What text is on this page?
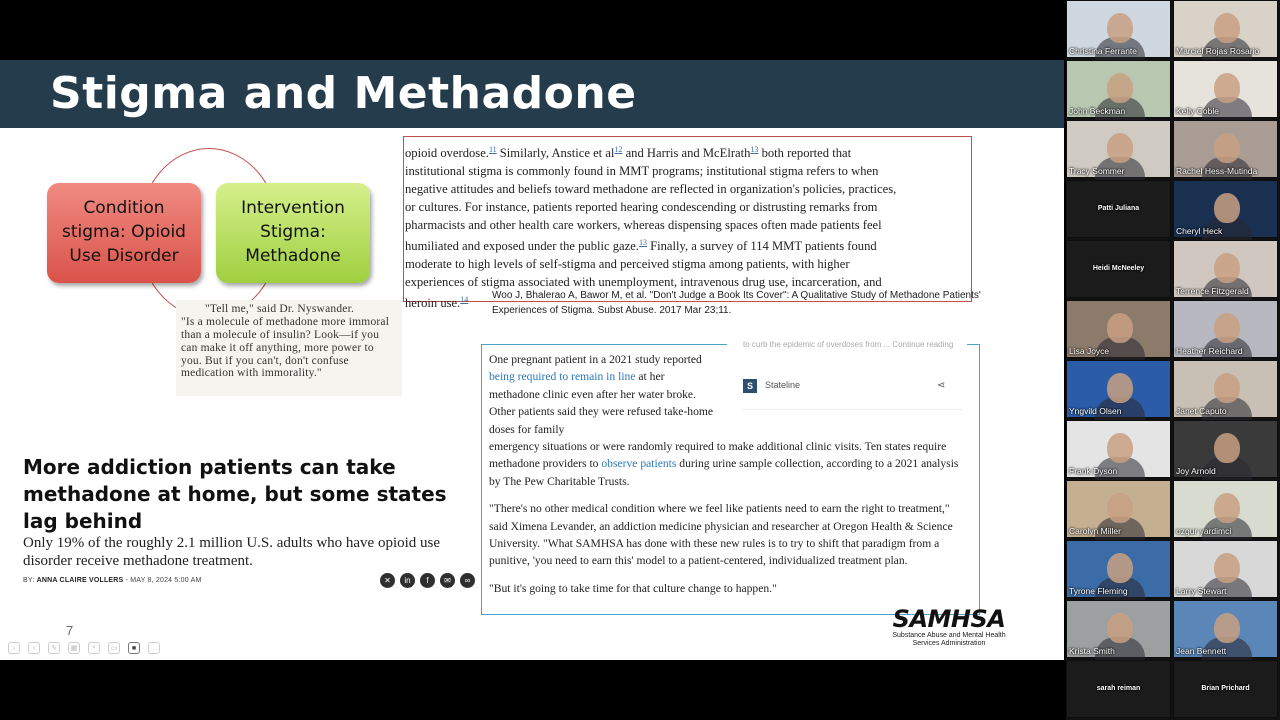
Stigma and Methadone
Condition stigma: Opioid Use Disorder
Intervention Stigma: Methadone

"Tell me," said Dr. Nyswander.

"Is a molecule of methadone more immoral than a molecule of insulin? Look—if you can make it off anything, more power to you. But if you can't, don't confuse medication with immorality."
opioid overdose.$^{11}$ Similarly, Anstice et $al^{12}$ and Harris and McElrath$^{13}$ both reported that
institutional stigma is commonly found in MMT programs; institutional stigma refers to when
negative attitudes and beliefs toward methadone are reflected in organization's policies, practices,
or cultures. For instance, patients reported hearing condescending or distrusting remarks from
pharmacists and other health care workers, whereas dispensing spaces often made patients feel
humiliated and exposed under the public gaze.$^{13}$ Finally, a survey of 114 MMT patients found
moderate to high levels of self-stigma and perceived stigma among patients, with higher
experiences of stigma associated with unemployment, intravenous drug use, incarceration, and
heroin use.$^{14}$	Woo J, Bhalerao A, Bawor M, et al. "Don't Judge a Book Its Cover": A Qualitative Study of Methadone Patients' Experiences of Stigma. Subst Abuse. 2017 Mar 23;11.
More addiction patients can take methadone at home, but some states lag behind
Only 19% of the roughly 2.1 million U.S. adults who have opioid use disorder receive methadone treatment.
BY: ANNA CLAIRE VOLLERS - MAY 8, 2024 5:00 AM	✕	in	f	✉	∞
One pregnant patient in a 2021 study reported being required to remain in line at her methadone clinic even after her water broke. Other patients said they were refused take-home doses for family

emergency situations or were randomly required to make additional clinic visits. Ten states require methadone providers to observe patients during urine sample collection, according to a 2021 analysis by The Pew Charitable Trusts.

"There's no other medical condition where we feel like patients need to earn the right to treatment," said Ximena Levander, an addiction medicine physician and researcher at Oregon Health & Science University. "What SAMHSA has done with these new rules is to try to shift that paradigm from a punitive, 'you need to earn this' model to a patient-centered, individualized treatment plan.

"But it's going to take time for that culture change to happen."

to curb the epidemic of overdoses from ... Continue reading
S	Stateline	⋖
7
‹	›	✎	▦	⌕	▭	■	…
SAMHSA
Substance Abuse and Mental Health Services Administration
Christina Ferrante	Marciel Rojas Rosario
John Beckman	Kelly Coble
Tracy Sommer	Rachel Hess-Mutinda
Patti Juliana
Cheryl Heck
Heidi McNeeley
Terrence Fitzgerald
Lisa Joyce	Heather Reichard
Yngvild Olsen	Janet Caputo
Frank Dyson	Joy Arnold
Carolyn Miller	ozgur yardimci
Tyrone Fleming	Larry Stewart
Krista Smith	Jean Bennett
sarah reiman	Brian Prichard
